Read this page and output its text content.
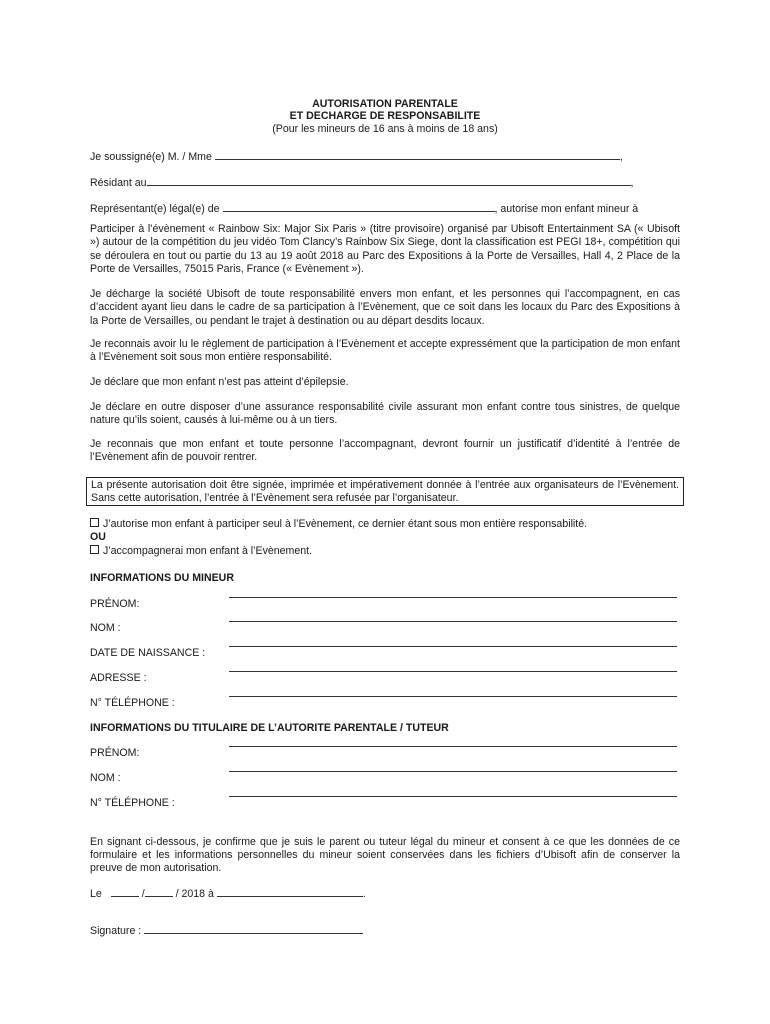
AUTORISATION PARENTALE
ET DECHARGE DE RESPONSABILITE
(Pour les mineurs de 16 ans à moins de 18 ans)
Je soussigné(e) M. / Mme	,
Résidant au	,
Représentant(e) légal(e) de	, autorise mon enfant mineur à
Participer à l’évènement « Rainbow Six: Major Six Paris » (titre provisoire) organisé par Ubisoft Entertainment SA (« Ubisoft ») autour de la compétition du jeu vidéo Tom Clancy’s Rainbow Six Siege, dont la classification est PEGI 18+, compétition qui se déroulera en tout ou partie du 13 au 19 août 2018 au Parc des Expositions à la Porte de Versailles, Hall 4, 2 Place de la Porte de Versailles, 75015 Paris, France (« Evènement »).
Je décharge la société Ubisoft de toute responsabilité envers mon enfant, et les personnes qui l’accompagnent, en cas d’accident ayant lieu dans le cadre de sa participation à l’Evènement, que ce soit dans les locaux du Parc des Expositions à la Porte de Versailles, ou pendant le trajet à destination ou au départ desdits locaux.
Je reconnais avoir lu le règlement de participation à l’Evènement et accepte expressément que la participation de mon enfant à l’Evènement soit sous mon entière responsabilité.
Je déclare que mon enfant n’est pas atteint d’épilepsie.
Je déclare en outre disposer d’une assurance responsabilité civile assurant mon enfant contre tous sinistres, de quelque nature qu’ils soient, causés à lui-même ou à un tiers.
Je reconnais que mon enfant et toute personne l’accompagnant, devront fournir un justificatif d’identité à l’entrée de l’Evènement afin de pouvoir rentrer.
La présente autorisation doit être signée, imprimée et impérativement donnée à l’entrée aux organisateurs de l’Evènement. Sans cette autorisation, l’entrée à l’Evènement sera refusée par l’organisateur.
J’autorise mon enfant à participer seul à l’Evènement, ce dernier étant sous mon entière responsabilité.
OU
J’accompagnerai mon enfant à l’Evènement.
INFORMATIONS DU MINEUR
PRÉNOM:
NOM :
DATE DE NAISSANCE :
ADRESSE :
N° TÉLÉPHONE :
INFORMATIONS DU TITULAIRE DE L’AUTORITE PARENTALE / TUTEUR
PRÉNOM:
NOM :
N° TÉLÉPHONE :
En signant ci-dessous, je confirme que je suis le parent ou tuteur légal du mineur et consent à ce que les données de ce formulaire et les informations personnelles du mineur soient conservées dans les fichiers d’Ubisoft afin de conserver la preuve de mon autorisation.
Le	/	/ 2018 à	.
Signature :
